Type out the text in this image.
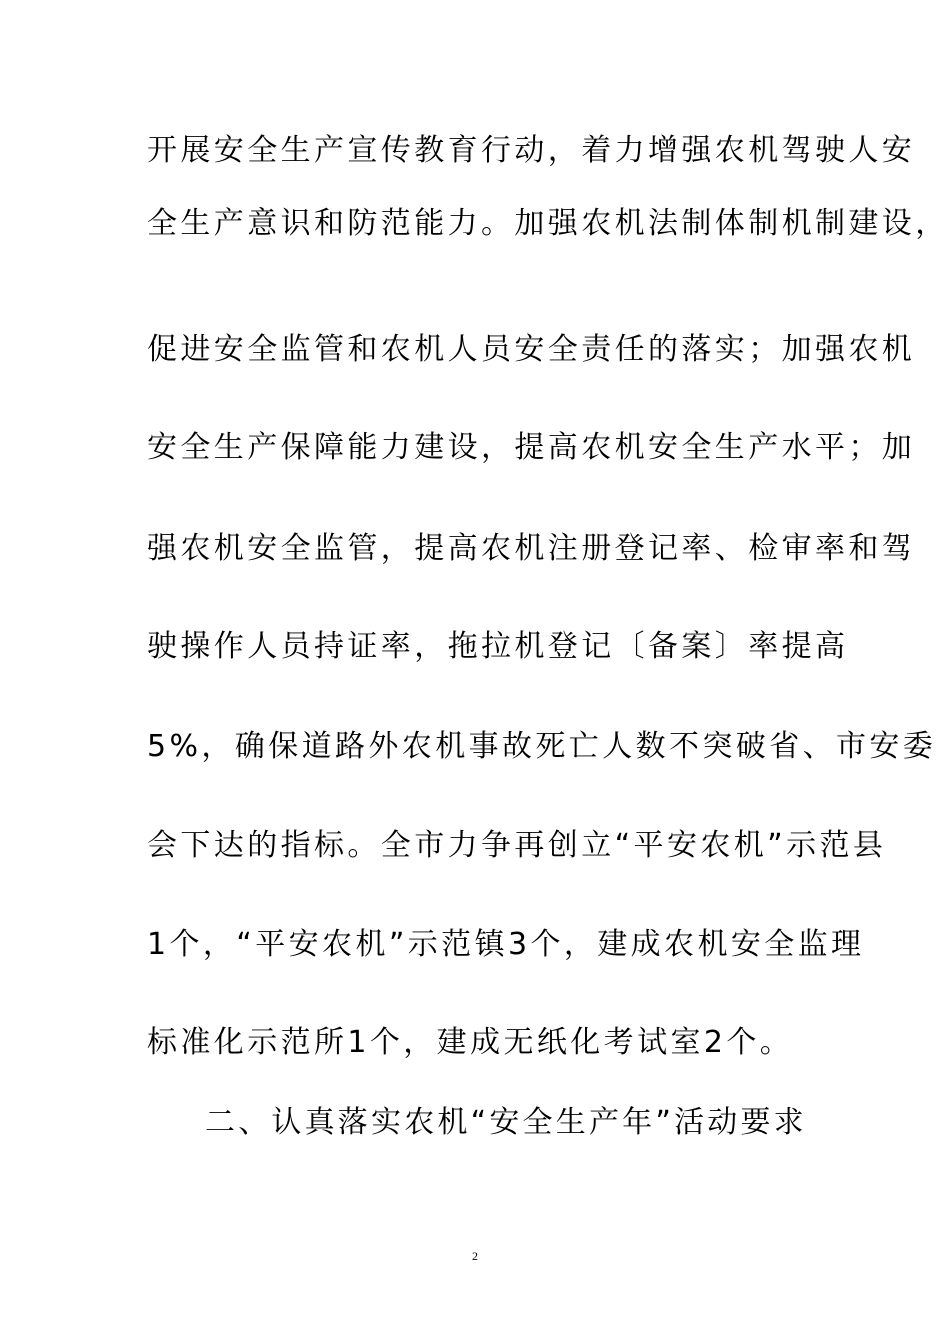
开展安全生产宣传教育行动，着力增强农机驾驶人安
全生产意识和防范能力。加强农机法制体制机制建设，
促进安全监管和农机人员安全责任的落实；加强农机
安全生产保障能力建设，提高农机安全生产水平；加
强农机安全监管，提高农机注册登记率、检审率和驾
驶操作人员持证率，拖拉机登记〔备案〕率提高
5%，确保道路外农机事故死亡人数不突破省、市安委
会下达的指标。全市力争再创立“平安农机”示范县
1个，“平安农机”示范镇3个，建成农机安全监理
标准化示范所1个，建成无纸化考试室2个。
二、认真落实农机“安全生产年”活动要求
2
